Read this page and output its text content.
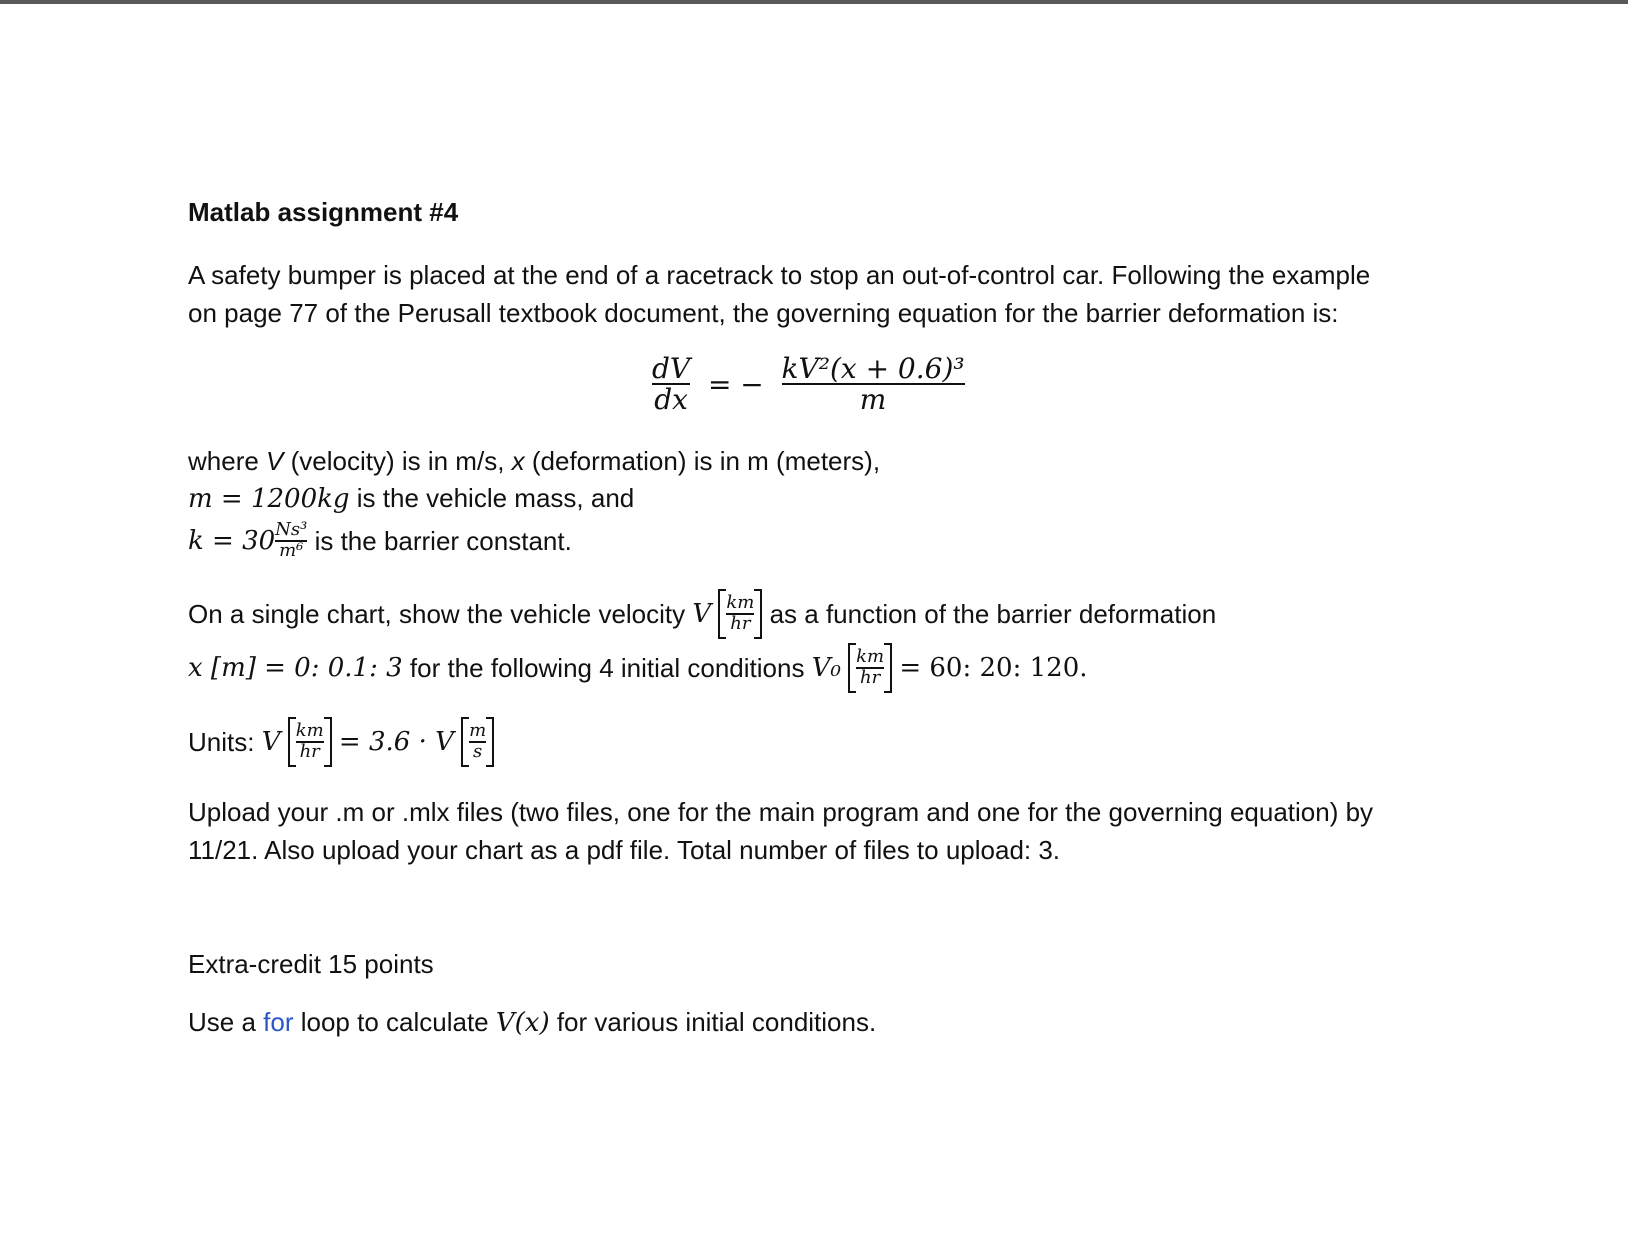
Matlab assignment #4
A safety bumper is placed at the end of a racetrack to stop an out-of-control car. Following the example
on page 77 of the Perusall textbook document, the governing equation for the barrier deformation is:
$\frac{dV}{dx}$ = − $\frac{\text{kV²(x + 0.6)³}}{m}$
where V (velocity) is in m/s, x (deformation) is in m (meters),
m = 1200kg is the vehicle mass, and
$k = 30 \frac{\text{Ns³}}{\text{m⁶}}$ is the barrier constant.
On a single chart, show the vehicle velocity V $\frac{km}{hr}$ as a function of the barrier deformation
x [m] = 0: 0.1: 3 for the following 4 initial conditions $V_0 \frac{km}{hr} = 60$: 20: 120.
Units: V $\frac{km}{hr} = 3.6 \cdot V \frac{m}{s}$
Upload your .m or .mlx files (two files, one for the main program and one for the governing equation) by
11/21. Also upload your chart as a pdf file. Total number of files to upload: 3.
Extra-credit 15 points
Use a for loop to calculate V(x) for various initial conditions.
